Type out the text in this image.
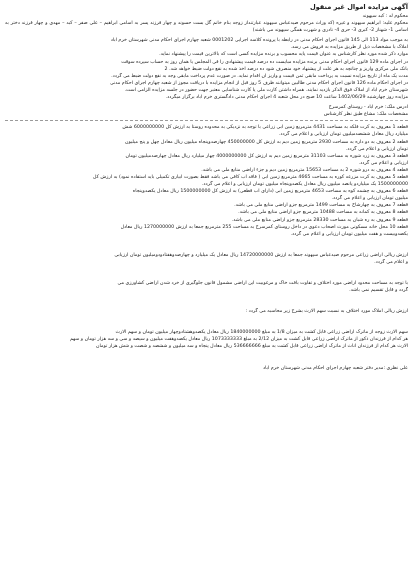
آگهی مزایده اموال غیر منقول
محکوم له : کبد سپهوند
محکوم علیه: ابراهیم سپهوند و غیره (که وراث مرحوم صیدعباس سپهوند عبارتنداز زوجه بنام خانم گل بست حسوند و چهار فرزند پسر به اسامی ابراهیم – علی صفر – کبد – مهدی و چهار فرزند دختر به اسامی 1- شهناز 2- کبری 3- حری 4- نادری و شهرت همگی سپهوند می باشند)
به موجب مواد 113 الی 145 قانون اجرای احکام مدنی در رابطه با پرونده کلاسه اجرایی 0001202 شعبه چهارم اجرای احکام مدنی شهرستان خرم آباد
املاک با مشخصات ذیل از طریق مزایده به فروش می رسد.
موارد ذکر شده مورد نظر کارشناس به عنوان قیمت پایه محسوب و برنده مزایده کسی است که بالاترین قیمت را پیشنهاد نماید.
در اجرای ماده 129 قانون اجرای احکام مدنی برنده مزایده مبایست ده درصد قیمت پیشنهادی را فی المجلس یا همان روز به حساب سپرده سوقت
بانک ملی مرکزی واریز و چنانچه به هر علت از پیشنهاد خود منصرف شود ده درصد اخذ شده به نفع دولت ضبط خواهد شد. 2
مدت یک ماه از تاریخ مزایده نسبت به پرداخت مابقی ثمن قیمت و واریز آن اقدام نماید. در صورت عدم پرداخت مابقی وجه به نفع دولت ضبط می گردد.
در اجرای احکام ماده 126 قانون اجرای احکام مدنی طالبین میتوانند ظرف 5 روز قبل از انجام مزایده با دریافت مجوز از شعبه چهارم اجرای احکام مدنی
شهرستان خرم آباد از املاک فوق الذکر بازدید نمایند. همراه داشتن کارت ملی یا کارت شناسایی معتبر جهت حضور در جلسه مزایده الزامی است.
مزایده روز چهارشنبه 1402/06/29 ساعت 10 صبح در محل شعبه 4 اجرای احکام مدنی دادگستری خرم آباد برگزار میگردد.
آدرس ملک: خرم آباد - روستای کمرسرخ
مشخصات ملک: مشاع طبق نظر کارشناس
قطعه 1 معروف به کرت فلکه به مساحت 4431 مترمربع زمین آبی زراعی با توجه به نزدیکی به محدوده روستا به ارزش کل 6000000000 شش
میلیارد ریال معادل ششصدمیلیون تومان ارزیابی و اعلام می گردد.
قطعه 2 معروف به دو داره به مساحت 2930 مترمربع زمین دیم به ارزش کل 450000000 چهارصدوپنجاه میلیون ریال معادل چهل و پنج میلیون
تومان ارزیابی و اعلام می گردد.
قطعه 3 معروف به زرد شوره به مساحت 31103 مترمربع زمین دیم به ارزش کل 4000000000 چهار میلیارد ریال معادل چهارصدمیلیون تومان
ارزیابی و اعلام می گردد.
قطعه 4 معروف به درو شوره 2 به مساحت 15653 مترمربع زمین دیم و جزء اراضی منابع ملی می باشد.
قطعه 5 معروف به کرت مزرعه کوره به مساحت 4665 مترمربع زمین آبی ( فاقد آب کافی می باشد فقط بصورت آبیاری تکمیلی باید استفاده نمود) به ارزش کل
1500000000 یک میلیاردو پانصد میلیون ریال معادل یکصدوپنجاه میلیون تومان ارزیابی و اعلام می گردد.
قطعه 6 معروف به چشمه کوه به مساحت 4653 مترمربع زمین آبی (دارای آب قطعی) به ارزش کل 1500000000 ریال معادل یکصدوپنجاه
میلیون تومان ارزیابی و اعلام می گردد.
قطعه 7 معروف به چهارشاخ به مساحت 1499 مترمربع جزو اراضی منابع ملی می باشد.
قطعه 8 معروف به کمانه به مساحت 10488 مترمربع جزو اراضی منابع ملی می باشد.
قطعه 9 معروف به ره شبان به مساحت 28330 مترمربع جزو اراضی منابع ملی می باشد.
قطعه 10 محل خانه مسکونی مورث اصحاب دعوی در داخل روستای کمرسرخ به مساحت 255 مترمربع جمعاً به ارزش 1270000000 ریال معادل
یکصدوبیست و هفت میلیون تومان ارزیابی و اعلام می گردد.
ارزش ریالی اراضی زراعی مرحوم صیدعباس سپهوند جمعاً به ارزش 14720000000 ریال معادل یک میلیارد و چهارصدوهفتادودومیلیون تومان ارزیابی
و اعلام می گردد.
با توجه به مساحت محدود اراضی مورد اختلاف و تفاوت بافت خاک و مرغوبیت این اراضی مشمول قانون جلوگیری از خرد شدن اراضی کشاورزی می
گردد و قابل تقسیم نمی باشد.
ارزش ریالی املاک مورد اختلاف به نسبت سهم الارث بشرح زیر محاسبه می گردد :
سهم الارث زوجه از ماترک اراضی زراعی قابل کشت به میزان 1/8 به مبلغ 1840000000 ریال معادل یکصدوهشتادوچهار میلیون تومان و سهم الارث
هر کدام از فرزندان ذکور از ماترک اراضی زراعی قابل کشت به میزان 2/12 به مبلغ 1073333333 ریال معادل یکصدوهفت میلیون و سیصد و سی و سه هزار تومان و سهم
الارث هر کدام از فرزندان اناث از ماترک اراضی زراعی قابل کشت به مبلغ 536666666 ریال معادل پنجاه و سه میلیون و ششصد و شصت و شش هزار تومان
علی نظری :مدیر دفتر شعبه چهارم اجرای احکام مدنی شهرستان خرم آباد
